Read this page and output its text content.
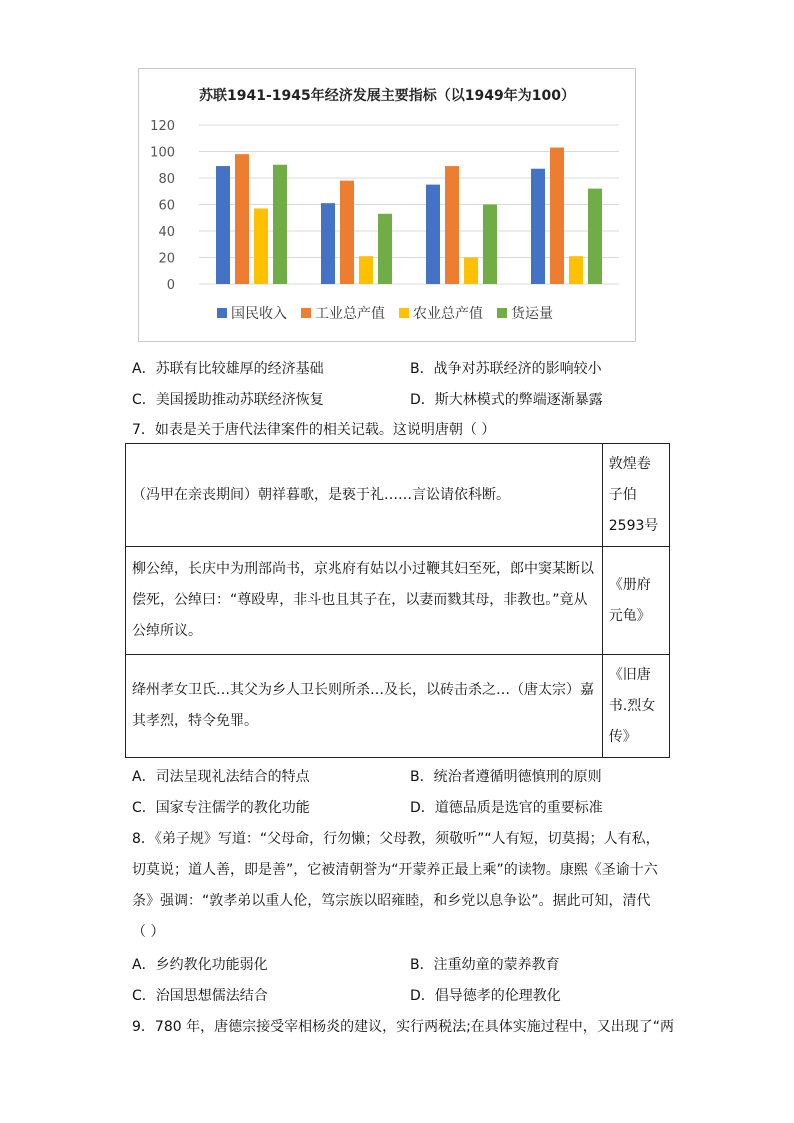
苏联1941-1945年经济发展主要指标（以1949年为100）
0
20
40
60
80
100
120
国民收入 工业总产值 农业总产值 货运量
A．苏联有比较雄厚的经济基础	B．战争对苏联经济的影响较小
C．美国援助推动苏联经济恢复	D．斯大林模式的弊端逐渐暴露
7．如表是关于唐代法律案件的相关记载。这说明唐朝（ ）
（冯甲在亲丧期间）朝祥暮歌，是亵于礼……言讼请依科断。	敦煌卷子伯2593号
柳公绰，长庆中为刑部尚书，京兆府有姑以小过鞭其妇至死，郎中窦某断以偿死，公绰曰：“尊殴卑，非斗也且其子在，以妻而戮其母，非教也。”竟从公绰所议。	《册府元龟》
绛州孝女卫氏…其父为乡人卫长则所杀…及长，以砖击杀之…（唐太宗）嘉其孝烈，特令免罪。	《旧唐书.烈女传》
A．司法呈现礼法结合的特点	B．统治者遵循明德慎刑的原则
C．国家专注儒学的教化功能	D．道德品质是选官的重要标准
8．《弟子规》写道：“父母命，行勿懒；父母教，须敬听”“人有短，切莫揭；人有私，
切莫说；道人善，即是善”，它被清朝誉为“开蒙养正最上乘”的读物。康熙《圣谕十六
条》强调：“敦孝弟以重人伦，笃宗族以昭雍睦，和乡党以息争讼”。据此可知，清代
（ ）
A．乡约教化功能弱化	B．注重幼童的蒙养教育
C．治国思想儒法结合	D．倡导德孝的伦理教化
9．780 年，唐德宗接受宰相杨炎的建议，实行两税法;在具体实施过程中，又出现了“两
